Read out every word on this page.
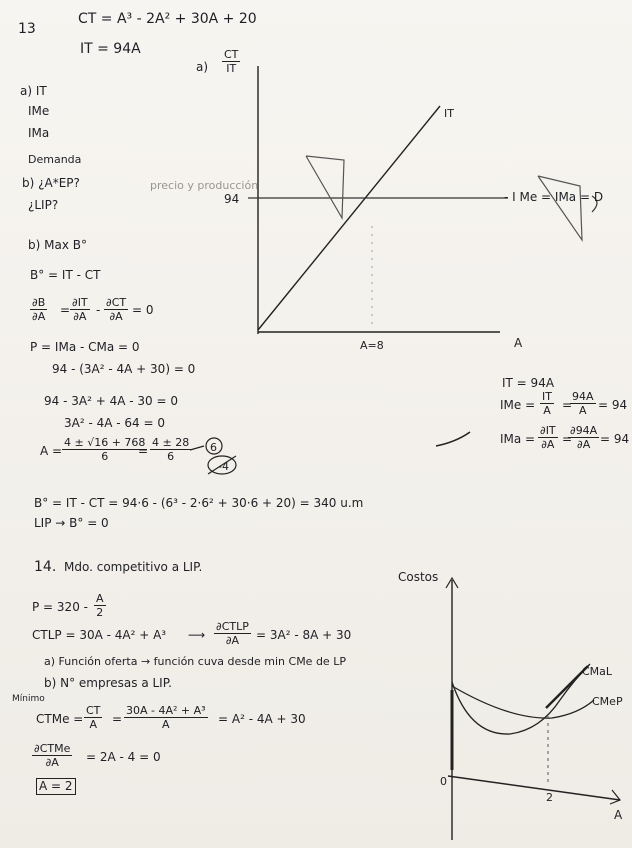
13
CT = A³ - 2A² + 30A + 20
IT = 94A
a) IT
IMe
IMa
Demanda
b) ¿A*EP?
¿LIP?
b) Max B°
B° = IT - CT
$\frac{\partial B}{\partial A} = \frac{\partial IT}{\partial A} - \frac{\partial CT}{\partial A} = 0$
P = IMa - CMa = 0
94 - (3A² - 4A + 30) = 0
94 - 3A² + 4A - 30 = 0
3A² - 4A - 64 = 0
$A = \frac{4 \pm √16 + 768}{6}$
= $\frac{4 \pm 28}{6} 6$
-4
B° = IT - CT = 94·6 - (6³ - 2·6² + 30·6 + 20) = 340 u.m
LIP → B° = 0
$a) \frac{CT}{IT}$
IT
94
A
A=8
- I Me = IMa = D
precio y producción
IT = 94A
IMe = $\frac{IT}{A}$ =
$\frac{94A}{A} = 94$
IMa = $\frac{\partial IT}{\partial A}$ =
$\frac{\partial 94A}{\partial A} = 94$
14. Mdo. competitivo a LIP.
$P = 320 - \frac{A}{2}$
CTLP = 30A - 4A² + A³ ⟶
∂CTLP
∂A	= 3A² - 8A + 30
a) Función oferta → función cuva desde min CMe de LP
b) N° empresas a LIP.
Mínimo
CTMe = $\frac{CT}{A} = \frac{\text{30A - 4A² + A³}}{A} = A^2 - 4A + 30$
∂CTMe
∂A	= 2A - 4 = 0
A = 2
Costos
0
2
A
CMaL
CMeP
